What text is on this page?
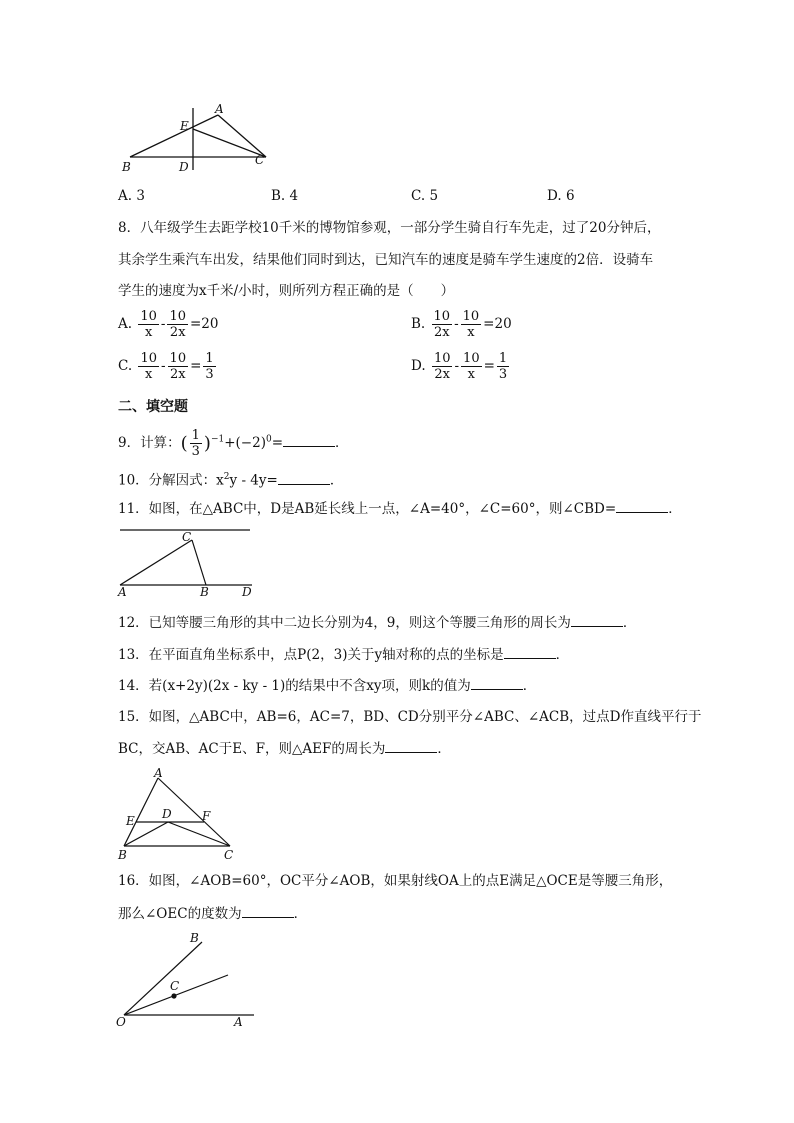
A
E
B	D	C
A. 3	B. 4	C. 5	D. 6
8．八年级学生去距学校10千米的博物馆参观，一部分学生骑自行车先走，过了20分钟后，
其余学生乘汽车出发，结果他们同时到达，已知汽车的速度是骑车学生速度的2倍．设骑车
学生的速度为x千米/小时，则所列方程正确的是（　　）
A. $\frac{10}{x} - \frac{10}{2x} =20$	B. $\frac{10}{2x} - \frac{10}{x} =20$
C. $\frac{10}{x} - \frac{10}{2x} = \frac{1}{3}$	D. $\frac{10}{2x} - \frac{10}{x} = \frac{1}{3}$
二、填空题
9．计算：( $\frac{1}{3} )^{-1}+(-2)^0=$	．
10．分解因式：$x^2y - 4y=$	．
11．如图，在△ABC中，D是AB延长线上一点，∠A=40°，∠C=60°，则∠CBD=	．
C
A	B	D
12．已知等腰三角形的其中二边长分别为4，9，则这个等腰三角形的周长为	．
13．在平面直角坐标系中，点P(2，3)关于y轴对称的点的坐标是	．
14．若(x+2y)(2x - ky - 1)的结果中不含xy项，则k的值为	．
15．如图，△ABC中，AB=6，AC=7，BD、CD分别平分∠ABC、∠ACB，过点D作直线平行于
BC，交AB、AC于E、F，则△AEF的周长为	．
A
E D	F
B	C
16．如图，∠AOB=60°，OC平分∠AOB，如果射线OA上的点E满足△OCE是等腰三角形，
那么∠OEC的度数为	．
B
C
O	A
